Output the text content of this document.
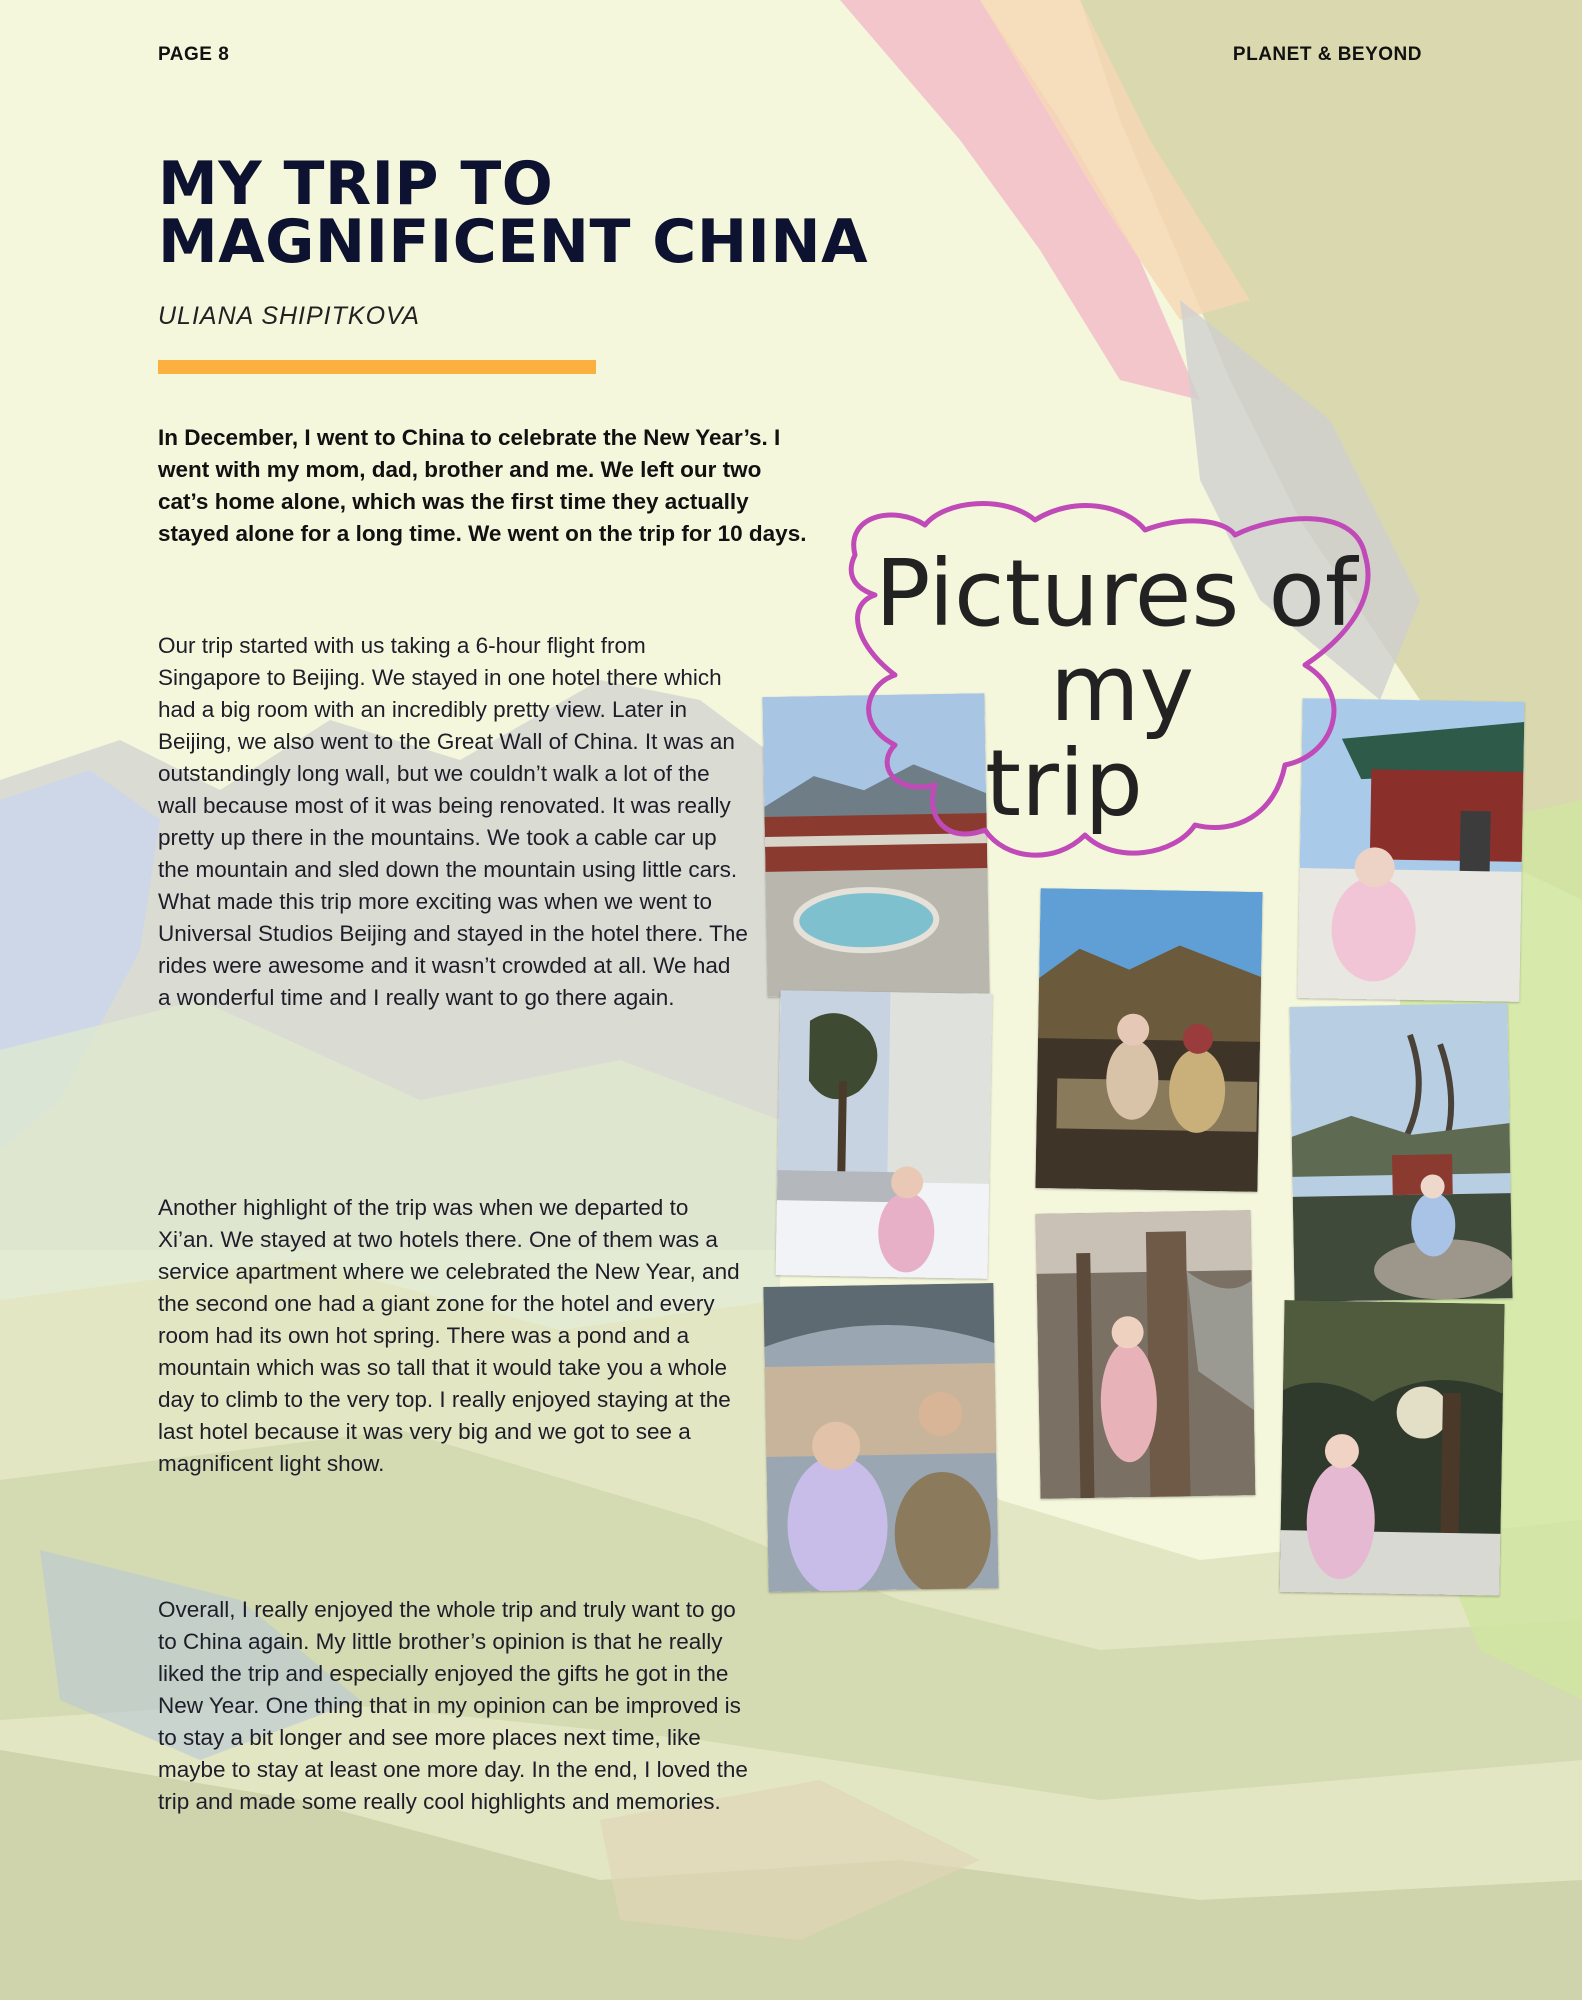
PAGE 8	PLANET & BEYOND
MY TRIP TO
MAGNIFICENT CHINA
ULIANA SHIPITKOVA

In December, I went to China to celebrate the New Year’s. I went with my mom, dad, brother and me. We left our two cat’s home alone, which was the first time they actually stayed alone for a long time. We went on the trip for 10 days.

Our trip started with us taking a 6-hour flight from Singapore to Beijing. We stayed in one hotel there which had a big room with an incredibly pretty view. Later in Beijing, we also went to the Great Wall of China. It was an outstandingly long wall, but we couldn’t walk a lot of the wall because most of it was being renovated. It was really pretty up there in the mountains. We took a cable car up the mountain and sled down the mountain using little cars. What made this trip more exciting was when we went to Universal Studios Beijing and stayed in the hotel there. The rides were awesome and it wasn’t crowded at all. We had a wonderful time and I really want to go there again.

Another highlight of the trip was when we departed to Xi’an. We stayed at two hotels there. One of them was a service apartment where we celebrated the New Year, and the second one had a giant zone for the hotel and every room had its own hot spring. There was a pond and a mountain which was so tall that it would take you a whole day to climb to the very top. I really enjoyed staying at the last hotel because it was very big and we got to see a magnificent light show.

Overall, I really enjoyed the whole trip and truly want to go to China again. My little brother’s opinion is that he really liked the trip and especially enjoyed the gifts he got in the New Year. One thing that in my opinion can be improved is to stay a bit longer and see more places next time, like maybe to stay at least one more day. In the end, I loved the trip and made some really cool highlights and memories.

Pictures of
my
trip
